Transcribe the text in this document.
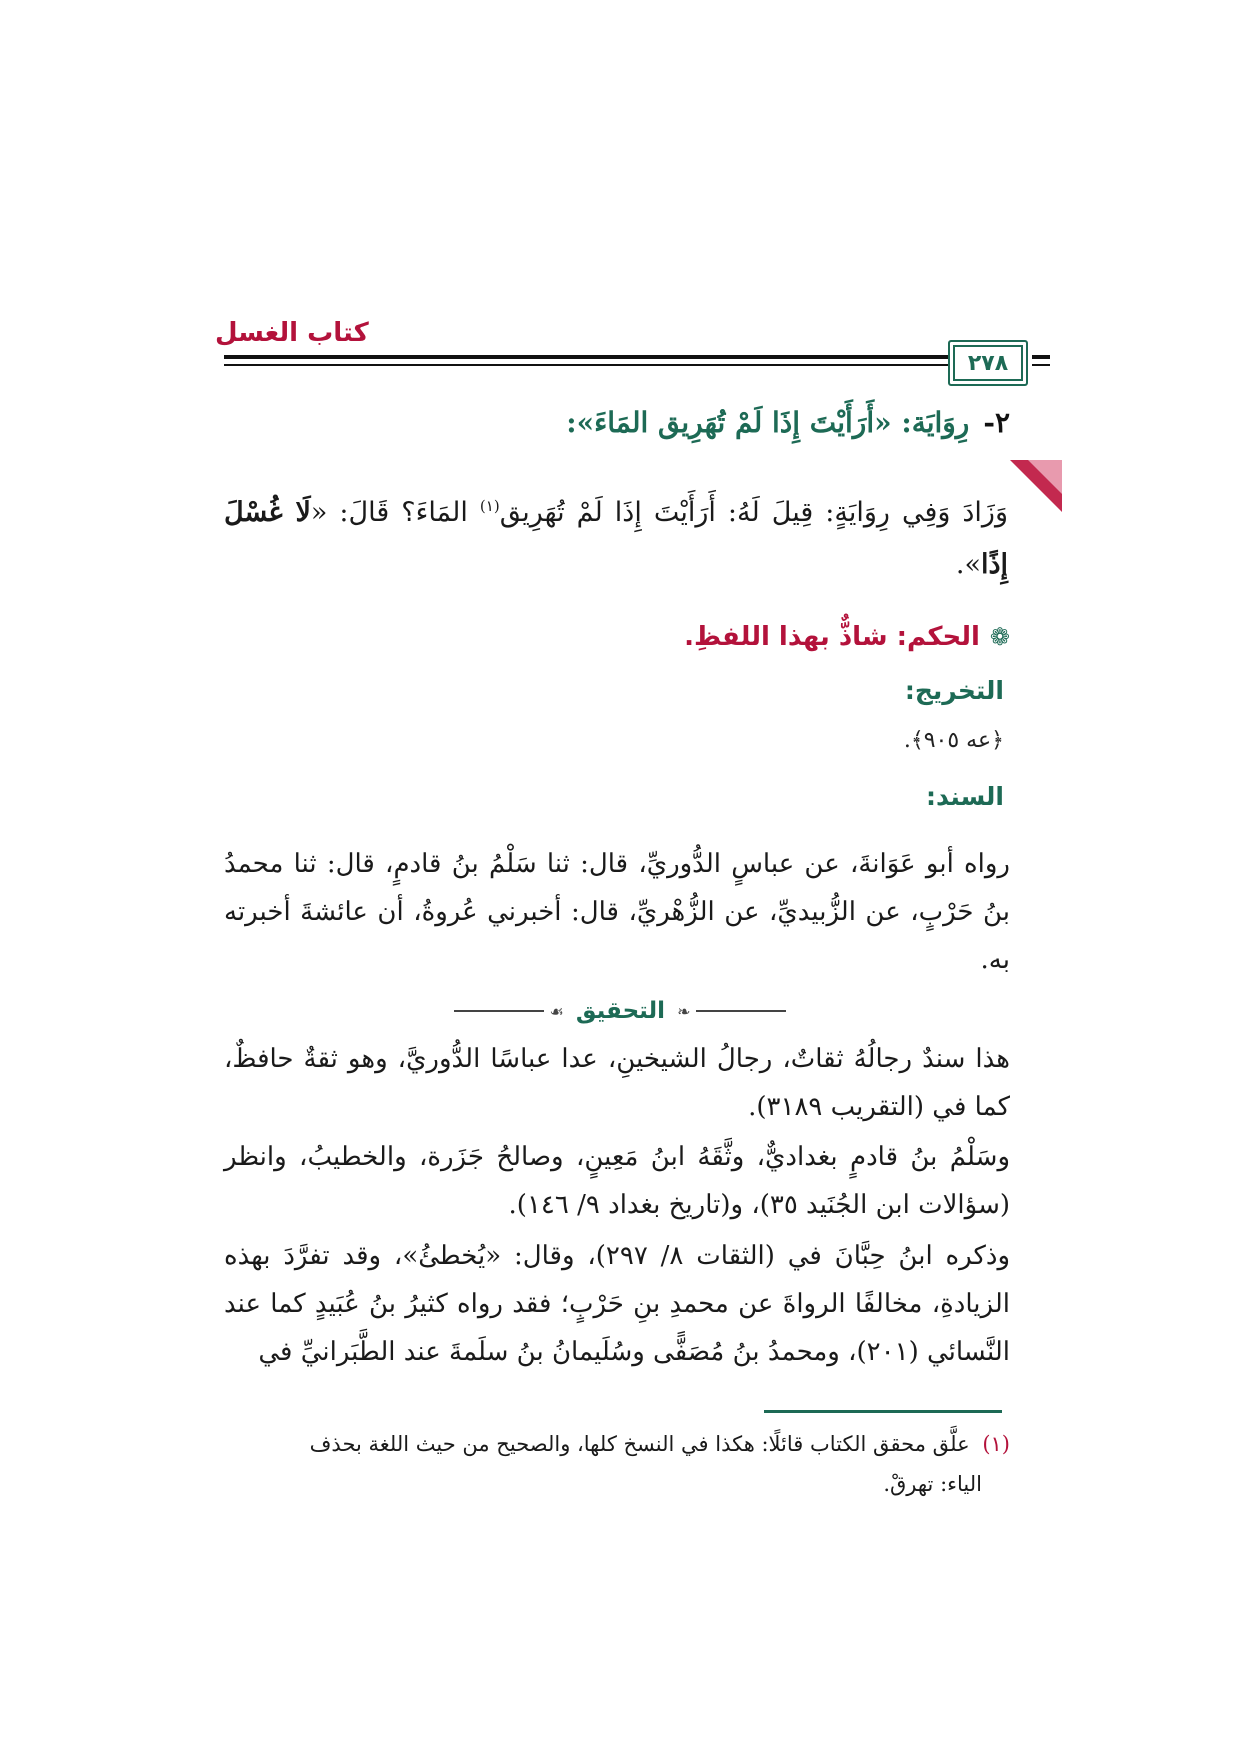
كتاب الغسل
٢٧٨
٢-رِوَايَة: «أَرَأَيْتَ إِذَا لَمْ تُهَرِيق المَاءَ»:
وَزَادَ وَفِي رِوَايَةٍ: قِيلَ لَهُ: أَرَأَيْتَ إِذَا لَمْ تُهَرِيق$^{(١)}$ المَاءَ؟ قَالَ: «لَا غُسْلَ إِذًا».
❁الحكم: شاذٌّ بهذا اللفظِ.
التخريج:
﴿عه ٩٠٥﴾.
السند:
رواه أبو عَوَانةَ، عن عباسٍ الدُّوريِّ، قال: ثنا سَلْمُ بنُ قادمٍ، قال: ثنا محمدُ بنُ حَرْبٍ، عن الزُّبيديِّ، عن الزُّهْريِّ، قال: أخبرني عُروةُ، أن عائشةَ أخبرته به.
❧
التحقيق
☙
هذا سندٌ رجالُهُ ثقاتٌ، رجالُ الشيخينِ، عدا عباسًا الدُّوريَّ، وهو ثقةٌ حافظٌ، كما في (التقريب ٣١٨٩).
وسَلْمُ بنُ قادمٍ بغداديٌّ، وثَّقَهُ ابنُ مَعِينٍ، وصالحُ جَزَرة، والخطيبُ، وانظر (سؤالات ابن الجُنَيد ٣٥)، و(تاريخ بغداد ٩/ ١٤٦).
وذكره ابنُ حِبَّانَ في (الثقات ٨/ ٢٩٧)، وقال: «يُخطئُ»، وقد تفرَّدَ بهذه الزيادةِ، مخالفًا الرواةَ عن محمدِ بنِ حَرْبٍ؛ فقد رواه كثيرُ بنُ عُبَيدٍ كما عند النَّسائي (٢٠١)، ومحمدُ بنُ مُصَفًّى وسُلَيمانُ بنُ سلَمةَ عند الطَّبَرانيِّ في
(١) علَّق محقق الكتاب قائلًا: هكذا في النسخ كلها، والصحيح من حيث اللغة بحذف
الياء: تهرقْ.
